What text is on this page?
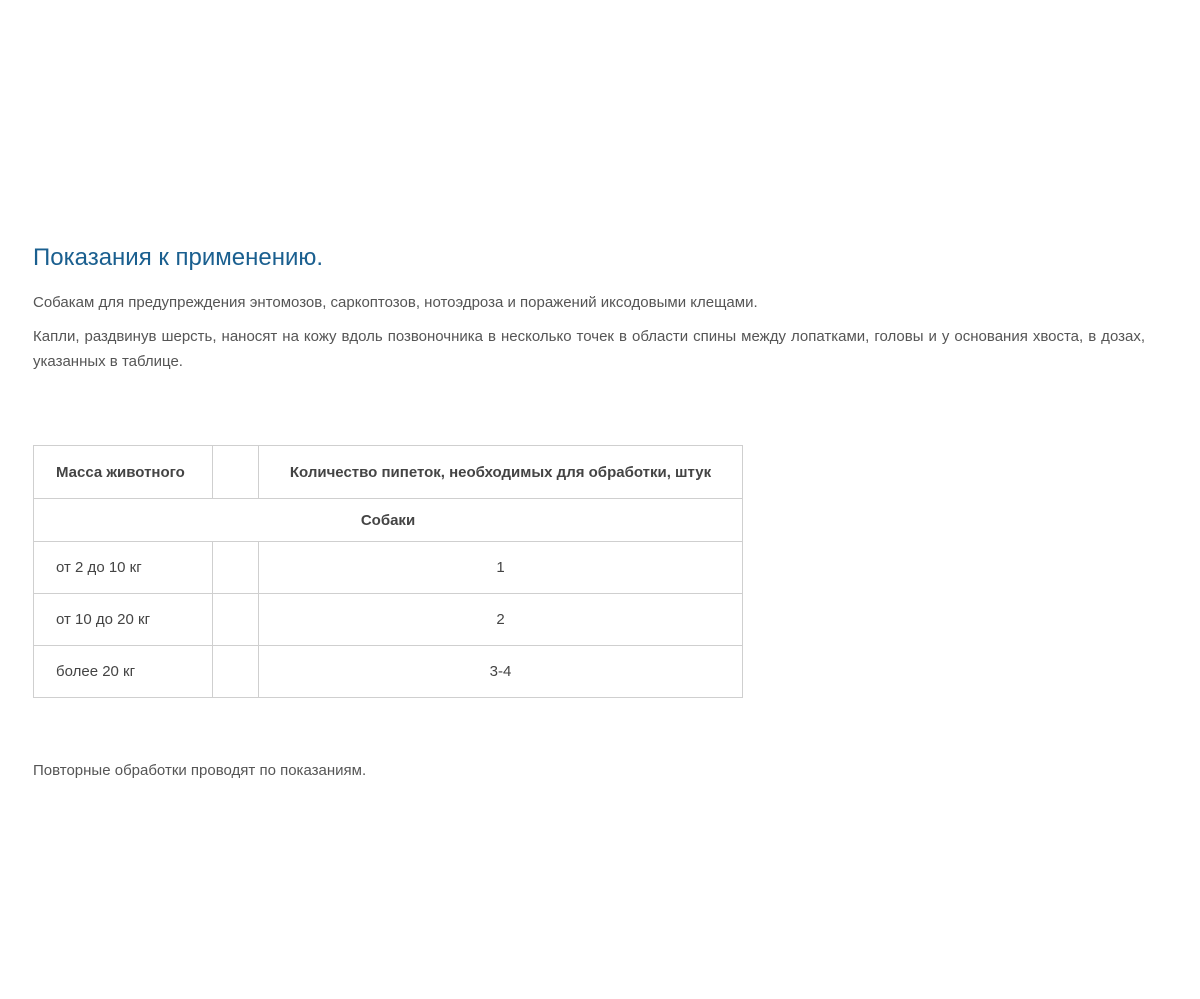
Показания к применению.

Собакам для предупреждения энтомозов, саркоптозов, нотоэдроза и поражений иксодовыми клещами.

Капли, раздвинув шерсть, наносят на кожу вдоль позвоночника в несколько точек в области спины между лопатками, головы и у основания хвоста, в дозах, указанных в таблице.

Масса животного		Количество пипеток, необходимых для обработки, штук
Собаки		
от 2 до 10 кг		1
от 10 до 20 кг		2
более 20 кг		3-4

Повторные обработки проводят по показаниям.
